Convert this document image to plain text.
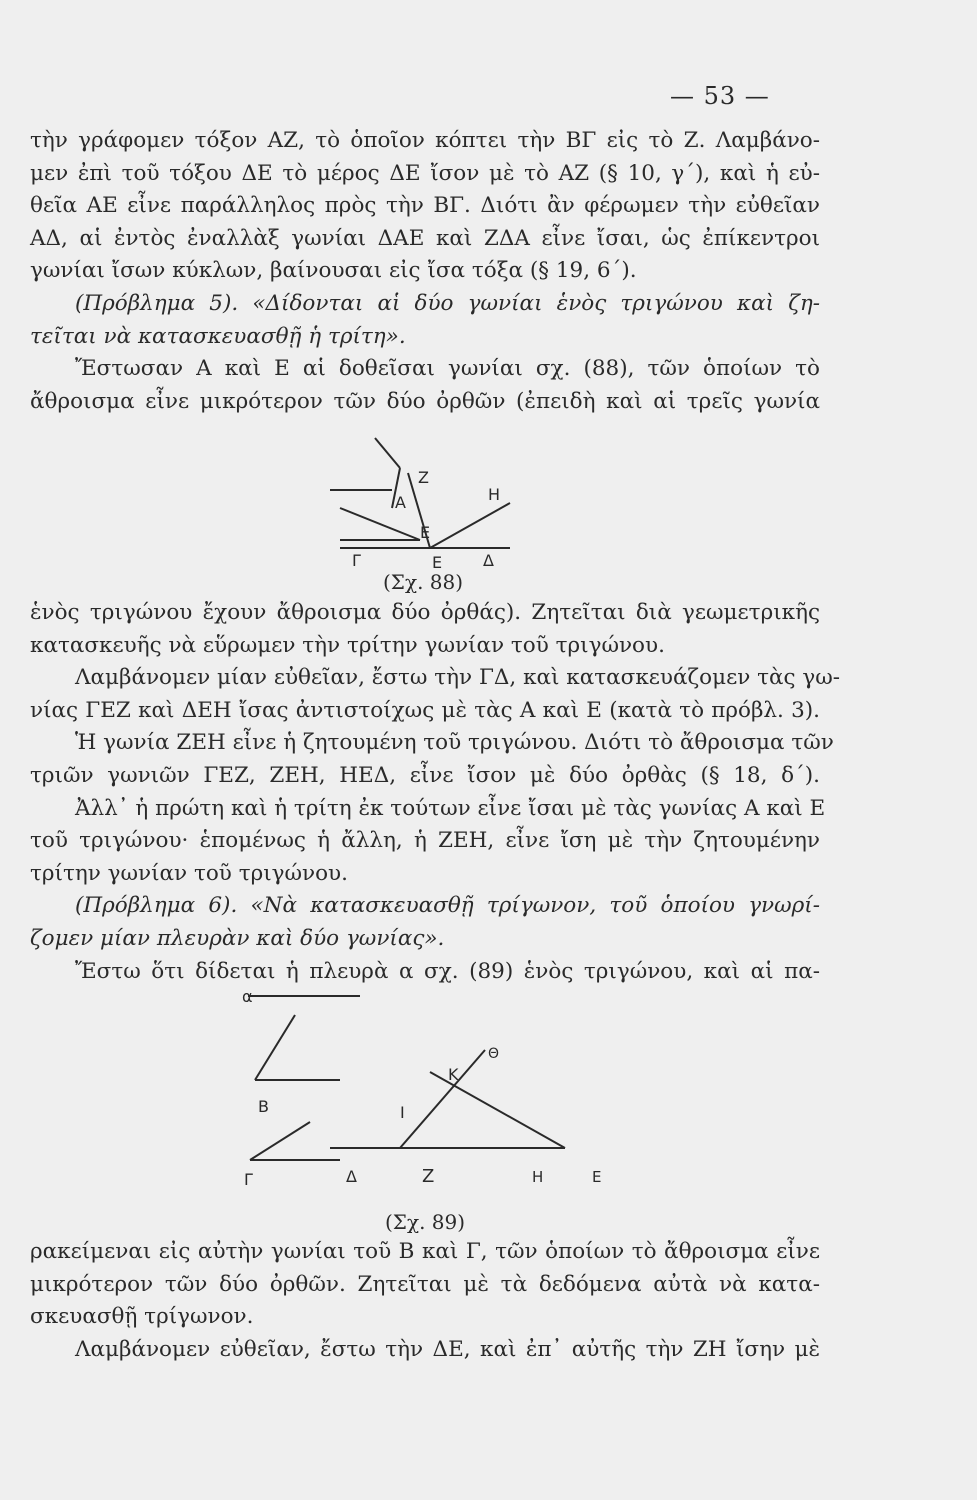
— 53 —
τὴν γράφομεν τόξον ΑΖ, τὸ ὁποῖον κόπτει τὴν ΒΓ εἰς τὸ Ζ. Λαμβάνο-
μεν ἐπὶ τοῦ τόξου ΔΕ τὸ μέρος ΔΕ ἴσον μὲ τὸ ΑΖ (§ 10, γ΄), καὶ ἡ εὐ-
θεῖα ΑΕ εἶνε παράλληλος πρὸς τὴν ΒΓ. Διότι ἂν φέρωμεν τὴν εὐθεῖαν
ΑΔ, αἱ ἐντὸς ἐναλλὰξ γωνίαι ΔΑΕ καὶ ΖΔΑ εἶνε ἴσαι, ὡς ἐπίκεντροι
γωνίαι ἴσων κύκλων, βαίνουσαι εἰς ἴσα τόξα (§ 19, 6΄).
(Πρόβλημα 5). «Δίδονται αἱ δύο γωνίαι ἑνὸς τριγώνου καὶ ζη-
τεῖται νὰ κατασκευασθῇ ἡ τρίτη».
Ἔστωσαν Α καὶ Ε αἱ δοθεῖσαι γωνίαι σχ. (88), τῶν ὁποίων τὸ
ἄθροισμα εἶνε μικρότερον τῶν δύο ὀρθῶν (ἐπειδὴ καὶ αἱ τρεῖς γωνία
Ζ
Α	Η
Ε
Γ	Ε	Δ
(Σχ. 88)
ἑνὸς τριγώνου ἔχουν ἄθροισμα δύο ὀρθάς). Ζητεῖται διὰ γεωμετρικῆς
κατασκευῆς νὰ εὕρωμεν τὴν τρίτην γωνίαν τοῦ τριγώνου.
Λαμβάνομεν μίαν εὐθεῖαν, ἔστω τὴν ΓΔ, καὶ κατασκευάζομεν τὰς γω-
νίας ΓΕΖ καὶ ΔΕΗ ἴσας ἀντιστοίχως μὲ τὰς Α καὶ Ε (κατὰ τὸ πρόβλ. 3).
Ἡ γωνία ΖΕΗ εἶνε ἡ ζητουμένη τοῦ τριγώνου. Διότι τὸ ἄθροισμα τῶν
τριῶν γωνιῶν ΓΕΖ, ΖΕΗ, ΗΕΔ, εἶνε ἴσον μὲ δύο ὀρθὰς (§ 18, δ΄).
Ἀλλ᾽ ἡ πρώτη καὶ ἡ τρίτη ἐκ τούτων εἶνε ἴσαι μὲ τὰς γωνίας Α καὶ Ε
τοῦ τριγώνου· ἑπομένως ἡ ἄλλη, ἡ ΖΕΗ, εἶνε ἴση μὲ τὴν ζητουμένην
τρίτην γωνίαν τοῦ τριγώνου.
(Πρόβλημα 6). «Νὰ κατασκευασθῇ τρίγωνον, τοῦ ὁποίου γνωρί-
ζομεν μίαν πλευρὰν καὶ δύο γωνίας».
Ἔστω ὅτι δίδεται ἡ πλευρὰ α σχ. (89) ἑνὸς τριγώνου, καὶ αἱ πα-
α
Β
Γ
Κ
Θ
Ι
Δ	Ζ	Η	Ε
(Σχ. 89)
ρακείμεναι εἰς αὐτὴν γωνίαι τοῦ Β καὶ Γ, τῶν ὁποίων τὸ ἄθροισμα εἶνε
μικρότερον τῶν δύο ὀρθῶν. Ζητεῖται μὲ τὰ δεδόμενα αὐτὰ νὰ κατα-
σκευασθῇ τρίγωνον.
Λαμβάνομεν εὐθεῖαν, ἔστω τὴν ΔΕ, καὶ ἐπ᾽ αὐτῆς τὴν ΖΗ ἴσην μὲ
